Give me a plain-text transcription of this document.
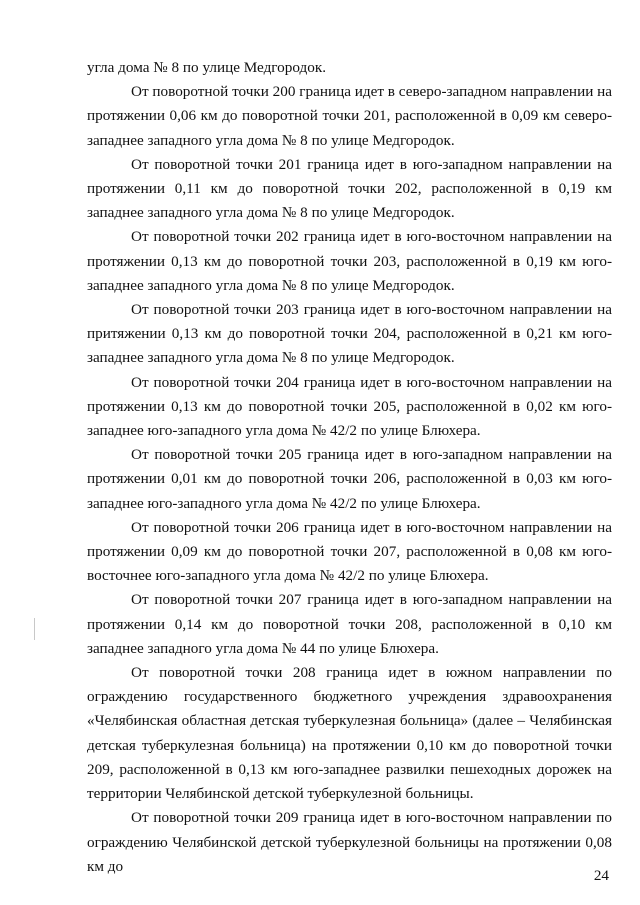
угла дома № 8 по улице Медгородок.

От поворотной точки 200 граница идет в северо-западном направлении на протяжении 0,06 км до поворотной точки 201, расположенной в 0,09 км северо-западнее западного угла дома № 8 по улице Медгородок.

От поворотной точки 201 граница идет в юго-западном направлении на протяжении 0,11 км до поворотной точки 202, расположенной в 0,19 км западнее западного угла дома № 8 по улице Медгородок.

От поворотной точки 202 граница идет в юго-восточном направлении на протяжении 0,13 км до поворотной точки 203, расположенной в 0,19 км юго-западнее западного угла дома № 8 по улице Медгородок.

От поворотной точки 203 граница идет в юго-восточном направлении на притяжении 0,13 км до поворотной точки 204, расположенной в 0,21 км юго-западнее западного угла дома № 8 по улице Медгородок.

От поворотной точки 204 граница идет в юго-восточном направлении на протяжении 0,13 км до поворотной точки 205, расположенной в 0,02 км юго-западнее юго-западного угла дома № 42/2 по улице Блюхера.

От поворотной точки 205 граница идет в юго-западном направлении на протяжении 0,01 км до поворотной точки 206, расположенной в 0,03 км юго-западнее юго-западного угла дома № 42/2 по улице Блюхера.

От поворотной точки 206 граница идет в юго-восточном направлении на протяжении 0,09 км до поворотной точки 207, расположенной в 0,08 км юго-восточнее юго-западного угла дома № 42/2 по улице Блюхера.

От поворотной точки 207 граница идет в юго-западном направлении на протяжении 0,14 км до поворотной точки 208, расположенной в 0,10 км западнее западного угла дома № 44 по улице Блюхера.

От поворотной точки 208 граница идет в южном направлении по ограждению государственного бюджетного учреждения здравоохранения «Челябинская областная детская туберкулезная больница» (далее – Челябинская детская туберкулезная больница) на протяжении 0,10 км до поворотной точки 209, расположенной в 0,13 км юго-западнее развилки пешеходных дорожек на территории Челябинской детской туберкулезной больницы.

От поворотной точки 209 граница идет в юго-восточном направлении по ограждению Челябинской детской туберкулезной больницы на протяжении 0,08 км до

24
